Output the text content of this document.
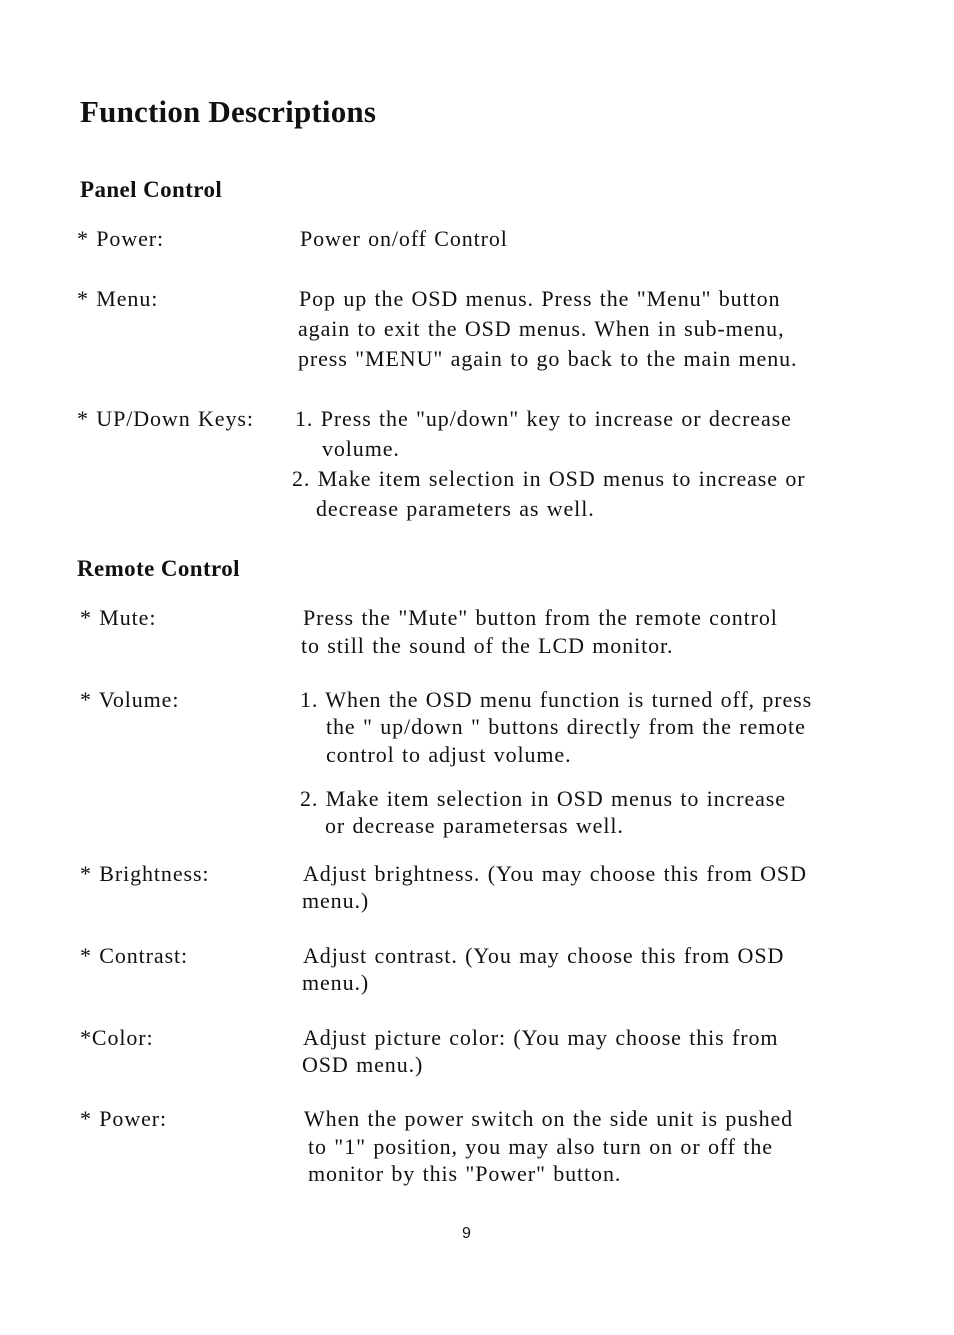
Function Descriptions
Panel Control
* Power:	Power on/off Control
* Menu:	Pop up the OSD menus. Press the "Menu" button
again to exit the OSD menus. When in sub-menu,
press "MENU" again to go back to the main menu.
* UP/Down Keys: 1. Press the "up/down" key to increase or decrease
volume.
2. Make item selection in OSD menus to increase or
decrease parameters as well.
Remote Control
* Mute:	Press the "Mute" button from the remote control
to still the sound of the LCD monitor.
* Volume:	1. When the OSD menu function is turned off, press
the " up/down " buttons directly from the remote
control to adjust volume.
2. Make item selection in OSD menus to increase
or decrease parametersas well.
* Brightness:	Adjust brightness. (You may choose this from OSD
menu.)
* Contrast:	Adjust contrast. (You may choose this from OSD
menu.)
*Color:	Adjust picture color: (You may choose this from
OSD menu.)
* Power:	When the power switch on the side unit is pushed
to "1" position, you may also turn on or off the
monitor by this "Power" button.
9
